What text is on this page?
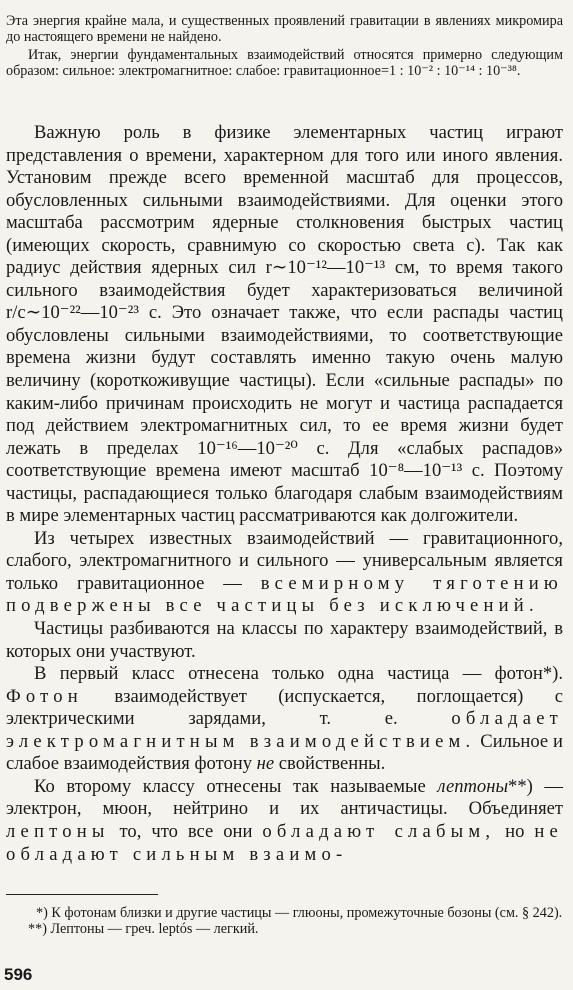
Эта энергия крайне мала, и существенных проявлений гравитации в явлениях микромира до настоящего времени не найдено.

Итак, энергии фундаментальных взаимодействий относятся примерно следующим образом: сильное: электромагнитное: слабое: гравитационное=1 : 10⁻² : 10⁻¹⁴ : 10⁻³⁸.

Важную роль в физике элементарных частиц играют представления о времени, характерном для того или иного явления. Установим прежде всего временной масштаб для процессов, обусловленных сильными взаимодействиями. Для оценки этого масштаба рассмотрим ядерные столкновения быстрых частиц (имеющих скорость, сравнимую со скоростью света c). Так как радиус действия ядерных сил r∼10⁻¹²—10⁻¹³ см, то время такого сильного взаимодействия будет характеризоваться величиной r/c∼10⁻²²—10⁻²³ с. Это означает также, что если распады частиц обусловлены сильными взаимодействиями, то соответствующие времена жизни будут составлять именно такую очень малую величину (короткоживущие частицы). Если «сильные распады» по каким-либо причинам происходить не могут и частица распадается под действием электромагнитных сил, то ее время жизни будет лежать в пределах 10⁻¹⁶—10⁻²⁰ с. Для «слабых распадов» соответствующие времена имеют масштаб 10⁻⁸—10⁻¹³ с. Поэтому частицы, распадающиеся только благодаря слабым взаимодействиям в мире элементарных частиц рассматриваются как долгожители.

Из четырех известных взаимодействий — гравитационного, слабого, электромагнитного и сильного — универсальным является только гравитационное — всемирному тяготению подвержены все частицы без исключений.

Частицы разбиваются на классы по характеру взаимодействий, в которых они участвуют.

В первый класс отнесена только одна частица — фотон*). Фотон взаимодействует (испускается, поглощается) с электрическими зарядами, т. е. обладает электромагнитным взаимодействием. Сильное и слабое взаимодействия фотону не свойственны.

Ко второму классу отнесены так называемые лептоны**) — электрон, мюон, нейтрино и их античастицы. Объединяет лептоны то, что все они обладают слабым, но не обладают сильным взаимо-

*) К фотонам близки и другие частицы — глюоны, промежуточные бозоны (см. § 242).

**) Лептоны — греч. leptós — легкий.

596
